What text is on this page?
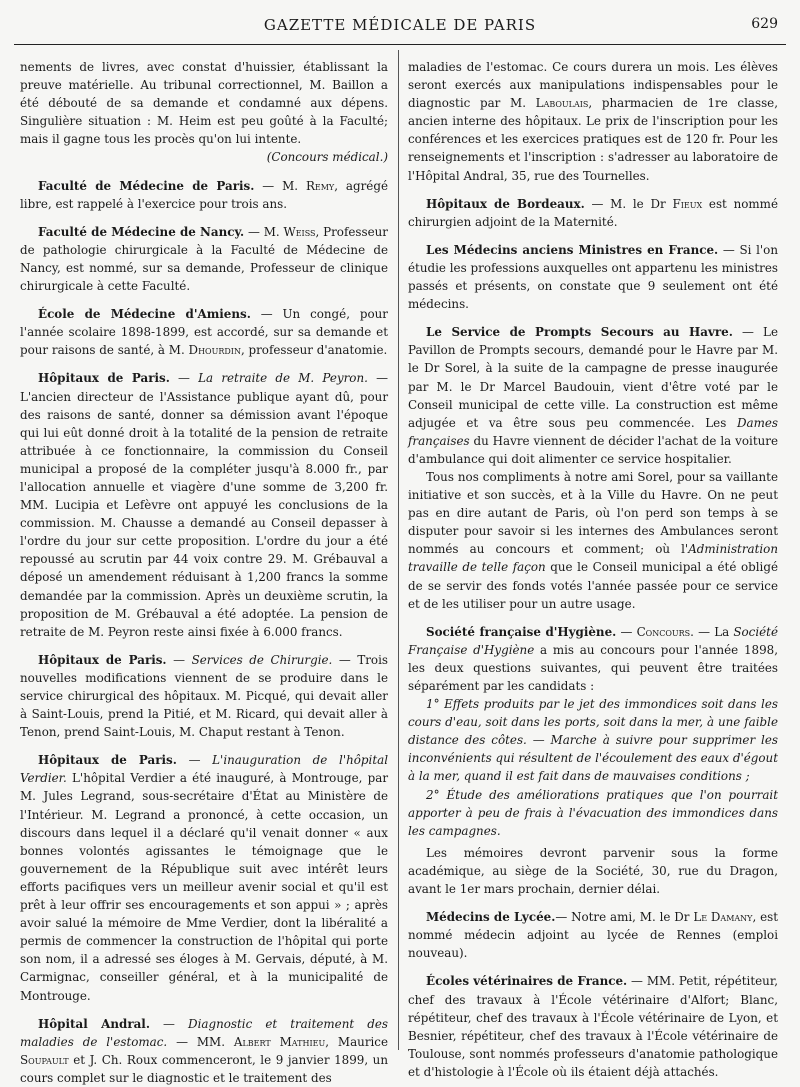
GAZETTE MÉDICALE DE PARIS	629

nements de livres, avec constat d'huissier, établissant la preuve matérielle. Au tribunal correctionnel, M. Baillon a été débouté de sa demande et condamné aux dépens. Singulière situation : M. Heim est peu goûté à la Faculté; mais il gagne tous les procès qu'on lui intente.

(Concours médical.)

Faculté de Médecine de Paris. — M. Remy, agrégé libre, est rappelé à l'exercice pour trois ans.

Faculté de Médecine de Nancy. — M. Weiss, Professeur de pathologie chirurgicale à la Faculté de Médecine de Nancy, est nommé, sur sa demande, Professeur de clinique chirurgicale à cette Faculté.

École de Médecine d'Amiens. — Un congé, pour l'année scolaire 1898-1899, est accordé, sur sa demande et pour raisons de santé, à M. Dhourdin, professeur d'anatomie.

Hôpitaux de Paris. — La retraite de M. Peyron. — L'ancien directeur de l'Assistance publique ayant dû, pour des raisons de santé, donner sa démission avant l'époque qui lui eût donné droit à la totalité de la pension de retraite attribuée à ce fonctionnaire, la commission du Conseil municipal a proposé de la compléter jusqu'à 8.000 fr., par l'allocation annuelle et viagère d'une somme de 3,200 fr. MM. Lucipia et Lefèvre ont appuyé les conclusions de la commission. M. Chausse a demandé au Conseil depasser à l'ordre du jour sur cette proposition. L'ordre du jour a été repoussé au scrutin par 44 voix contre 29. M. Grébauval a déposé un amendement réduisant à 1,200 francs la somme demandée par la commission. Après un deuxième scrutin, la proposition de M. Grébauval a été adoptée. La pension de retraite de M. Peyron reste ainsi fixée à 6.000 francs.

Hôpitaux de Paris. — Services de Chirurgie. — Trois nouvelles modifications viennent de se produire dans le service chirurgical des hôpitaux. M. Picqué, qui devait aller à Saint-Louis, prend la Pitié, et M. Ricard, qui devait aller à Tenon, prend Saint-Louis, M. Chaput restant à Tenon.

Hôpitaux de Paris. — L'inauguration de l'hôpital Verdier. L'hôpital Verdier a été inauguré, à Montrouge, par M. Jules Legrand, sous-secrétaire d'État au Ministère de l'Intérieur. M. Legrand a prononcé, à cette occasion, un discours dans lequel il a déclaré qu'il venait donner « aux bonnes volontés agissantes le témoignage que le gouvernement de la République suit avec intérêt leurs efforts pacifiques vers un meilleur avenir social et qu'il est prêt à leur offrir ses encouragements et son appui » ; après avoir salué la mémoire de Mme Verdier, dont la libéralité a permis de commencer la construction de l'hôpital qui porte son nom, il a adressé ses éloges à M. Gervais, député, à M. Carmignac, conseiller général, et à la municipalité de Montrouge.

Hôpital Andral. — Diagnostic et traitement des maladies de l'estomac. — MM. Albert Mathieu, Maurice Soupault et J. Ch. Roux commenceront, le 9 janvier 1899, un cours complet sur le diagnostic et le traitement des

maladies de l'estomac. Ce cours durera un mois. Les élèves seront exercés aux manipulations indispensables pour le diagnostic par M. Laboulais, pharmacien de 1re classe, ancien interne des hôpitaux. Le prix de l'inscription pour les conférences et les exercices pratiques est de 120 fr. Pour les renseignements et l'inscription : s'adresser au laboratoire de l'Hôpital Andral, 35, rue des Tournelles.

Hôpitaux de Bordeaux. — M. le Dr Fieux est nommé chirurgien adjoint de la Maternité.

Les Médecins anciens Ministres en France. — Si l'on étudie les professions auxquelles ont appartenu les ministres passés et présents, on constate que 9 seulement ont été médecins.

Le Service de Prompts Secours au Havre. — Le Pavillon de Prompts secours, demandé pour le Havre par M. le Dr Sorel, à la suite de la campagne de presse inaugurée par M. le Dr Marcel Baudouin, vient d'être voté par le Conseil municipal de cette ville. La construction est même adjugée et va être sous peu commencée. Les Dames françaises du Havre viennent de décider l'achat de la voiture d'ambulance qui doit alimenter ce service hospitalier.

Tous nos compliments à notre ami Sorel, pour sa vaillante initiative et son succès, et à la Ville du Havre. On ne peut pas en dire autant de Paris, où l'on perd son temps à se disputer pour savoir si les internes des Ambulances seront nommés au concours et comment; où l'Administration travaille de telle façon que le Conseil municipal a été obligé de se servir des fonds votés l'année passée pour ce service et de les utiliser pour un autre usage.

Société française d'Hygiène. — Concours. — La Société Française d'Hygiène a mis au concours pour l'année 1898, les deux questions suivantes, qui peuvent être traitées séparément par les candidats :

1° Effets produits par le jet des immondices soit dans les cours d'eau, soit dans les ports, soit dans la mer, à une faible distance des côtes. — Marche à suivre pour supprimer les inconvénients qui résultent de l'écoulement des eaux d'égout à la mer, quand il est fait dans de mauvaises conditions ;

2° Étude des améliorations pratiques que l'on pourrait apporter à peu de frais à l'évacuation des immondices dans les campagnes.

Les mémoires devront parvenir sous la forme académique, au siège de la Société, 30, rue du Dragon, avant le 1er mars prochain, dernier délai.

Médecins de Lycée.— Notre ami, M. le Dr Le Damany, est nommé médecin adjoint au lycée de Rennes (emploi nouveau).

Écoles vétérinaires de France. — MM. Petit, répétiteur, chef des travaux à l'École vétérinaire d'Alfort; Blanc, répétiteur, chef des travaux à l'École vétérinaire de Lyon, et Besnier, répétiteur, chef des travaux à l'École vétérinaire de Toulouse, sont nommés professeurs d'anatomie pathologique et d'histologie à l'École où ils étaient déjà attachés.
